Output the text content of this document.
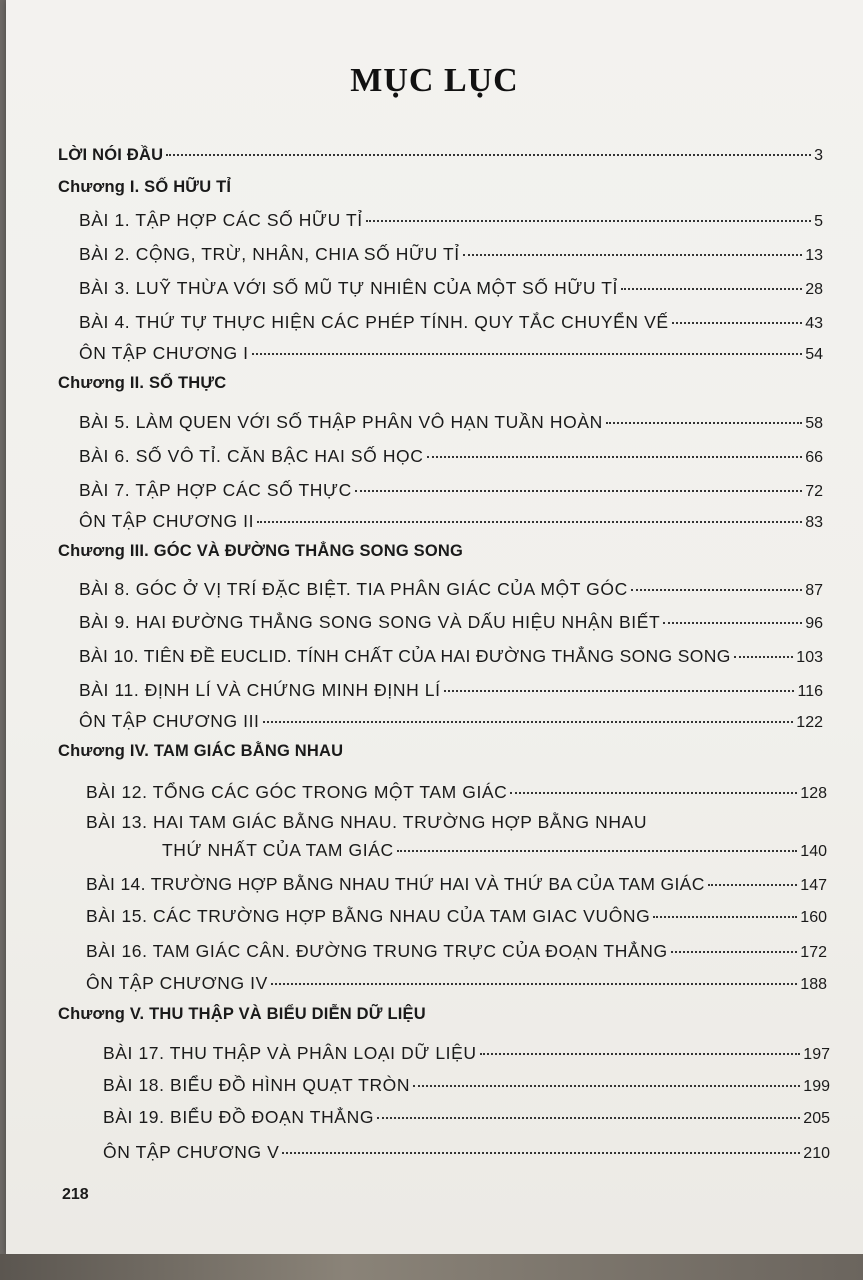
MỤC LỤC
LỜI NÓI ĐẦU	3
Chương I. SỐ HỮU TỈ
BÀI 1. TẬP HỢP CÁC SỐ HỮU TỈ	5
BÀI 2. CỘNG, TRỪ, NHÂN, CHIA SỐ HỮU TỈ	13
BÀI 3. LUỸ THỪA VỚI SỐ MŨ TỰ NHIÊN CỦA MỘT SỐ HỮU TỈ	28
BÀI 4. THỨ TỰ THỰC HIỆN CÁC PHÉP TÍNH. QUY TẮC CHUYỂN VẾ	43
ÔN TẬP CHƯƠNG I	54
Chương II. SỐ THỰC
BÀI 5. LÀM QUEN VỚI SỐ THẬP PHÂN VÔ HẠN TUẦN HOÀN	58
BÀI 6. SỐ VÔ TỈ. CĂN BẬC HAI SỐ HỌC	66
BÀI 7. TẬP HỢP CÁC SỐ THỰC	72
ÔN TẬP CHƯƠNG II	83
Chương III. GÓC VÀ ĐƯỜNG THẲNG SONG SONG
BÀI 8. GÓC Ở VỊ TRÍ ĐẶC BIỆT. TIA PHÂN GIÁC CỦA MỘT GÓC	87
BÀI 9. HAI ĐƯỜNG THẲNG SONG SONG VÀ DẤU HIỆU NHẬN BIẾT	96
BÀI 10. TIÊN ĐỀ EUCLID. TÍNH CHẤT CỦA HAI ĐƯỜNG THẲNG SONG SONG	103
BÀI 11. ĐỊNH LÍ VÀ CHỨNG MINH ĐỊNH LÍ	116
ÔN TẬP CHƯƠNG III	122
Chương IV. TAM GIÁC BẰNG NHAU
BÀI 12. TỔNG CÁC GÓC TRONG MỘT TAM GIÁC	128
BÀI 13. HAI TAM GIÁC BẰNG NHAU. TRƯỜNG HỢP BẰNG NHAU
THỨ NHẤT CỦA TAM GIÁC	140
BÀI 14. TRƯỜNG HỢP BẰNG NHAU THỨ HAI VÀ THỨ BA CỦA TAM GIÁC	147
BÀI 15. CÁC TRƯỜNG HỢP BẰNG NHAU CỦA TAM GIAC VUÔNG	160
BÀI 16. TAM GIÁC CÂN. ĐƯỜNG TRUNG TRỰC CỦA ĐOẠN THẲNG	172
ÔN TẬP CHƯƠNG IV	188
Chương V. THU THẬP VÀ BIỂU DIỄN DỮ LIỆU
BÀI 17. THU THẬP VÀ PHÂN LOẠI DỮ LIỆU	197
BÀI 18. BIỂU ĐỒ HÌNH QUẠT TRÒN	199
BÀI 19. BIỂU ĐỒ ĐOẠN THẲNG	205
ÔN TẬP CHƯƠNG V	210
218
